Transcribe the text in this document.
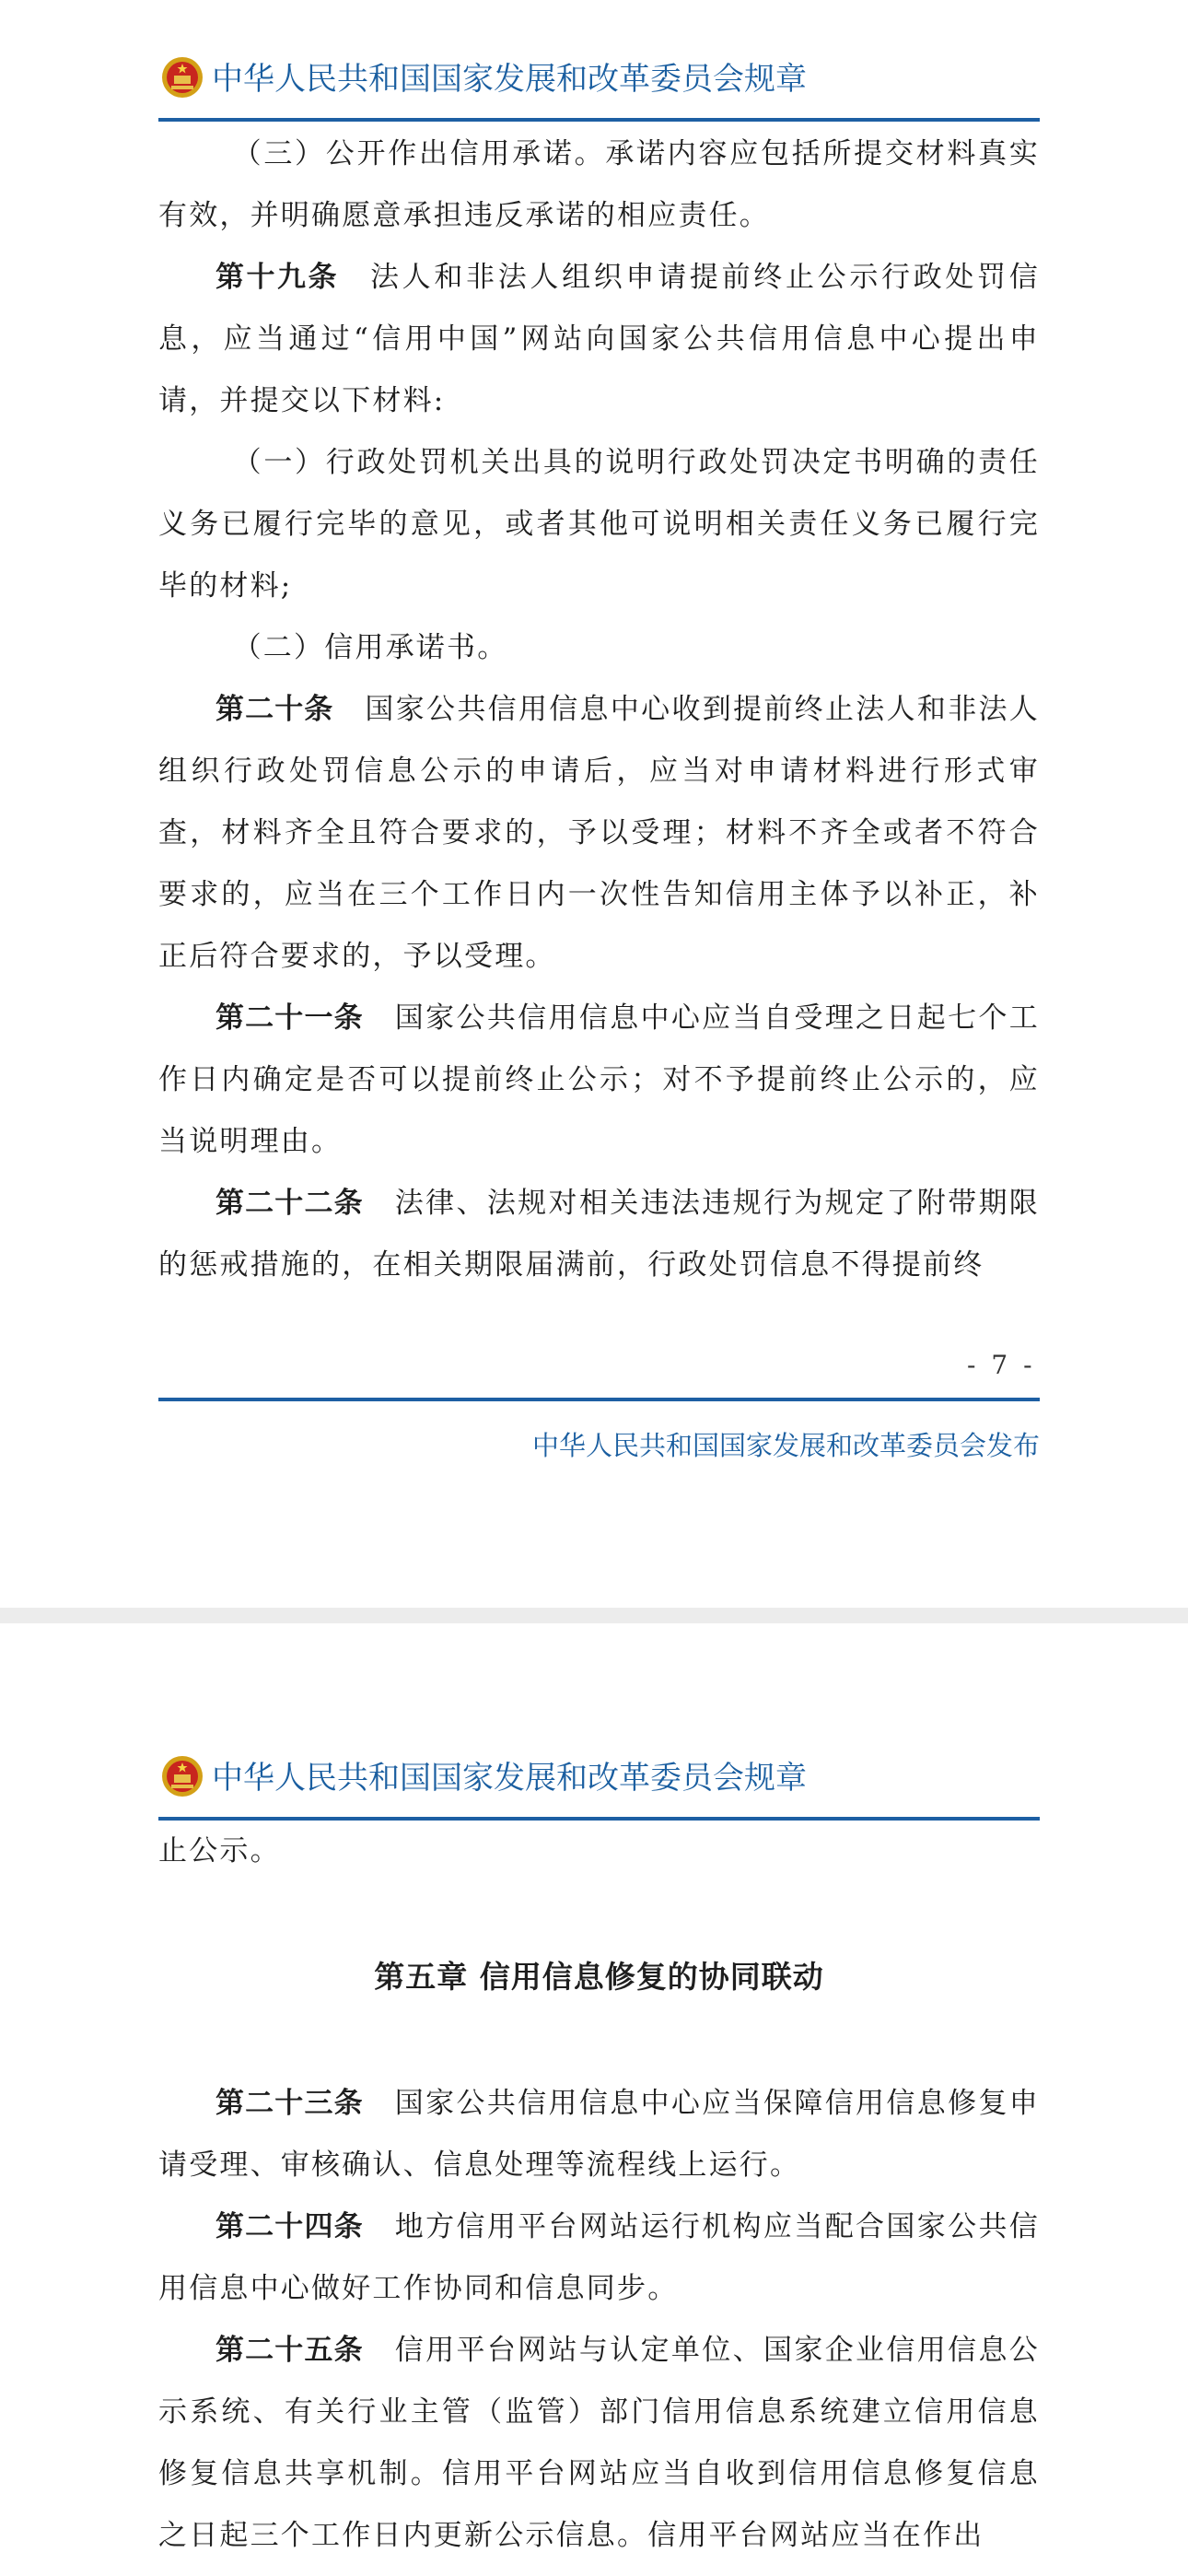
中华人民共和国国家发展和改革委员会规章

（三）公开作出信用承诺。承诺内容应包括所提交材料真实有效，并明确愿意承担违反承诺的相应责任。

第十九条 法人和非法人组织申请提前终止公示行政处罚信息，应当通过“信用中国”网站向国家公共信用信息中心提出申请，并提交以下材料:

（一）行政处罚机关出具的说明行政处罚决定书明确的责任义务已履行完毕的意见，或者其他可说明相关责任义务已履行完毕的材料;

（二）信用承诺书。

第二十条 国家公共信用信息中心收到提前终止法人和非法人组织行政处罚信息公示的申请后，应当对申请材料进行形式审查，材料齐全且符合要求的，予以受理；材料不齐全或者不符合要求的，应当在三个工作日内一次性告知信用主体予以补正，补正后符合要求的，予以受理。

第二十一条 国家公共信用信息中心应当自受理之日起七个工作日内确定是否可以提前终止公示；对不予提前终止公示的，应当说明理由。

第二十二条 法律、法规对相关违法违规行为规定了附带期限的惩戒措施的，在相关期限届满前，行政处罚信息不得提前终

- 7 -
中华人民共和国国家发展和改革委员会发布
中华人民共和国国家发展和改革委员会规章

止公示。

第五章 信用信息修复的协同联动

第二十三条 国家公共信用信息中心应当保障信用信息修复申请受理、审核确认、信息处理等流程线上运行。

第二十四条 地方信用平台网站运行机构应当配合国家公共信用信息中心做好工作协同和信息同步。

第二十五条 信用平台网站与认定单位、国家企业信用信息公示系统、有关行业主管（监管）部门信用信息系统建立信用信息修复信息共享机制。信用平台网站应当自收到信用信息修复信息之日起三个工作日内更新公示信息。信用平台网站应当在作出
